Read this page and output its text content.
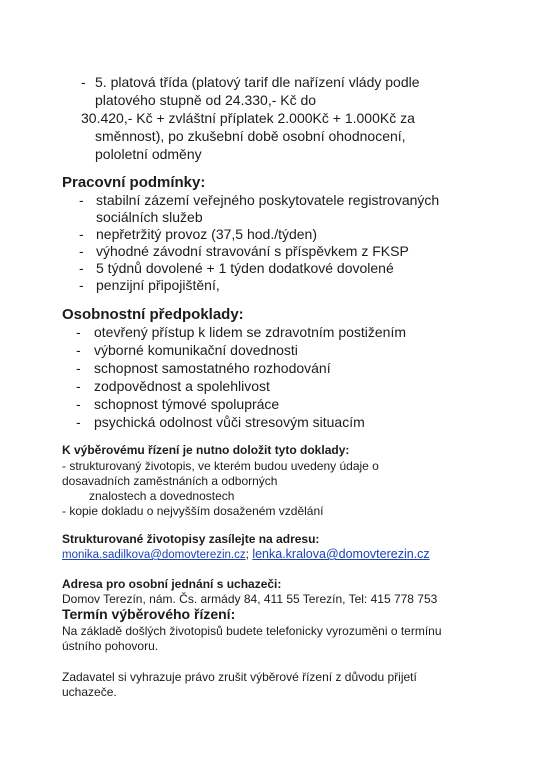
- 5. platová třída (platový tarif dle nařízení vlády podle
platového stupně od 24.330,- Kč do
30.420,- Kč + zvláštní příplatek 2.000Kč + 1.000Kč za
směnnost), po zkušební době osobní ohodnocení,
pololetní odměny
Pracovní podmínky:
- stabilní zázemí veřejného poskytovatele registrovaných
sociálních služeb
- nepřetržitý provoz (37,5 hod./týden)
- výhodné závodní stravování s příspěvkem z FKSP
- 5 týdnů dovolené + 1 týden dodatkové dovolené
- penzijní připojištění,
Osobnostní předpoklady:
- otevřený přístup k lidem se zdravotním postižením
- výborné komunikační dovednosti
- schopnost samostatného rozhodování
- zodpovědnost a spolehlivost
- schopnost týmové spolupráce
- psychická odolnost vůči stresovým situacím
K výběrovému řízení je nutno doložit tyto doklady:
- strukturovaný životopis, ve kterém budou uvedeny údaje o
dosavadních zaměstnáních a odborných
znalostech a dovednostech
- kopie dokladu o nejvyšším dosaženém vzdělání
Strukturované životopisy zasílejte na adresu:
monika.sadilkova@domovterezin.cz; lenka.kralova@domovterezin.cz
Adresa pro osobní jednání s uchazeči:
Domov Terezín, nám. Čs. armády 84, 411 55 Terezín, Tel: 415 778 753
Termín výběrového řízení:
Na základě došlých životopisů budete telefonicky vyrozuměni o termínu
ústního pohovoru.
Zadavatel si vyhrazuje právo zrušit výběrové řízení z důvodu přijetí
uchazeče.
